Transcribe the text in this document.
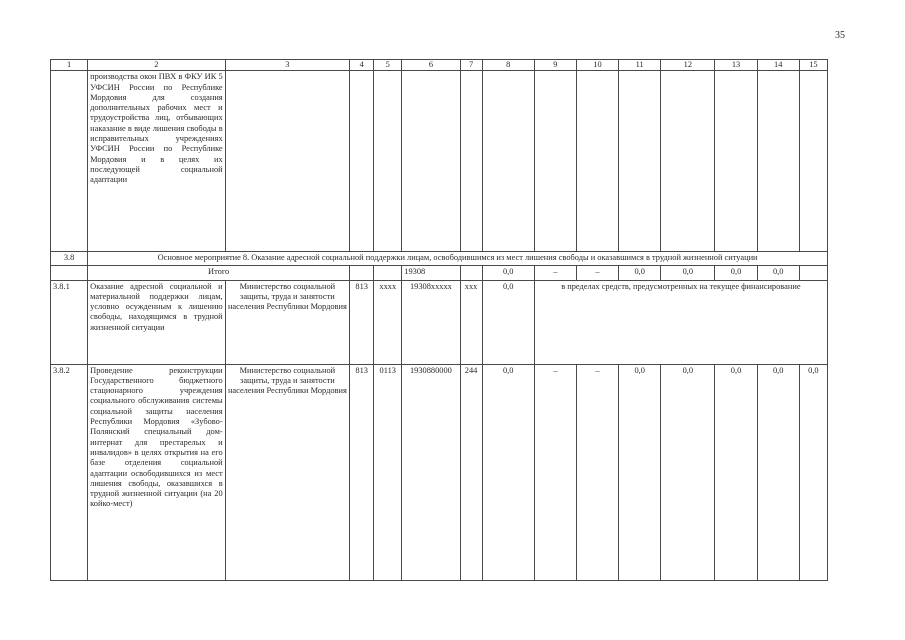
35
1	2	3	4	5	6	7	8	9	10	11	12	13	14	15
	производства окон ПВХ в ФКУ ИК 5 УФСИН России по Республике Мордовия для создания дополнительных рабочих мест и трудоустройства лиц, отбывающих наказание в виде лишения свободы в исправительных учреждениях УФСИН России по Республике Мордовия и в целях их последующей социальной адаптации													
3.8	Основное мероприятие 8. Оказание адресной социальной поддержки лицам, освободившимся из мест лишения свободы и оказавшимся в трудной жизненной ситуации													
	Итого				19308		0,0	–	–	0,0	0,0	0,0	0,0	
3.8.1	Оказание адресной социальной и материальной поддержки лицам, условно осужденным к лишению свободы, находящимся в трудной жизненной ситуации	Министерство социальной защиты, труда и занятости населения Республики Мордовия	813	xxxx	19308xxxxx	xxx	0,0	в пределах средств, предусмотренных на текущее финансирование						
3.8.2	Проведение реконструкции Государственного бюджетного стационарного учреждения социального обслуживания системы социальной защиты населения Республики Мордовия «Зубово-Полянский специальный дом-интернат для престарелых и инвалидов» в целях открытия на его базе отделения социальной адаптации освободившихся из мест лишения свободы, оказавшихся в трудной жизненной ситуации (на 20 койко-мест)	Министерство социальной защиты, труда и занятости населения Республики Мордовия	813	0113	1930880000	244	0,0	–	–	0,0	0,0	0,0	0,0	0,0
